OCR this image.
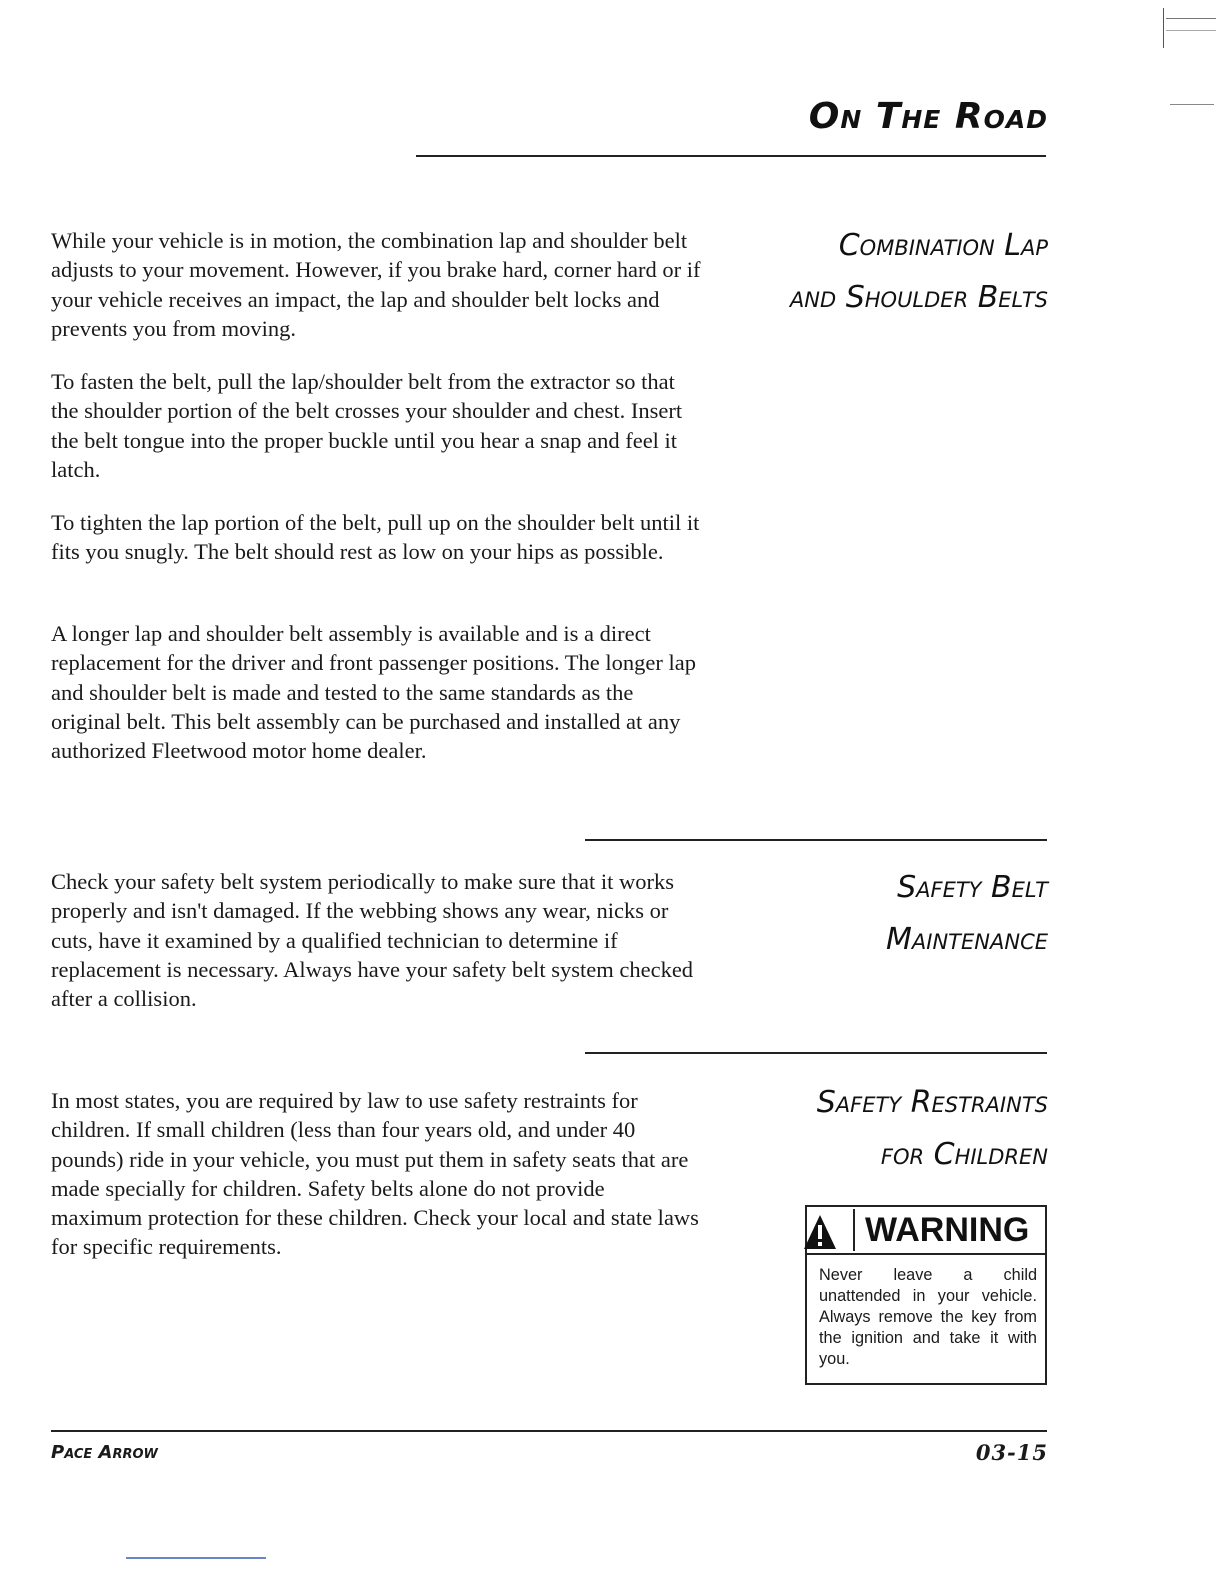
On The Road

While your vehicle is in motion, the combination lap and shoulder belt adjusts to your movement. However, if you brake hard, corner hard or if your vehicle receives an impact, the lap and shoulder belt locks and prevents you from moving.

To fasten the belt, pull the lap/shoulder belt from the extractor so that the shoulder portion of the belt crosses your shoulder and chest. Insert the belt tongue into the proper buckle until you hear a snap and feel it latch.

To tighten the lap portion of the belt, pull up on the shoulder belt until it fits you snugly. The belt should rest as low on your hips as possible.

A longer lap and shoulder belt assembly is available and is a direct replacement for the driver and front passenger positions. The longer lap and shoulder belt is made and tested to the same standards as the original belt. This belt assembly can be purchased and installed at any authorized Fleetwood motor home dealer.

Combination Lap
and Shoulder Belts

Check your safety belt system periodically to make sure that it works properly and isn't damaged. If the webbing shows any wear, nicks or cuts, have it examined by a qualified technician to determine if replacement is necessary. Always have your safety belt system checked after a collision.

Safety Belt
Maintenance

In most states, you are required by law to use safety restraints for children. If small children (less than four years old, and under 40 pounds) ride in your vehicle, you must put them in safety seats that are made specially for children. Safety belts alone do not provide maximum protection for these children. Check your local and state laws for specific requirements.

Safety Restraints
for Children
WARNING

Never leave a child unattended in your vehicle. Always remove the key from the ignition and take it with you.

Pace Arrow	03-15
